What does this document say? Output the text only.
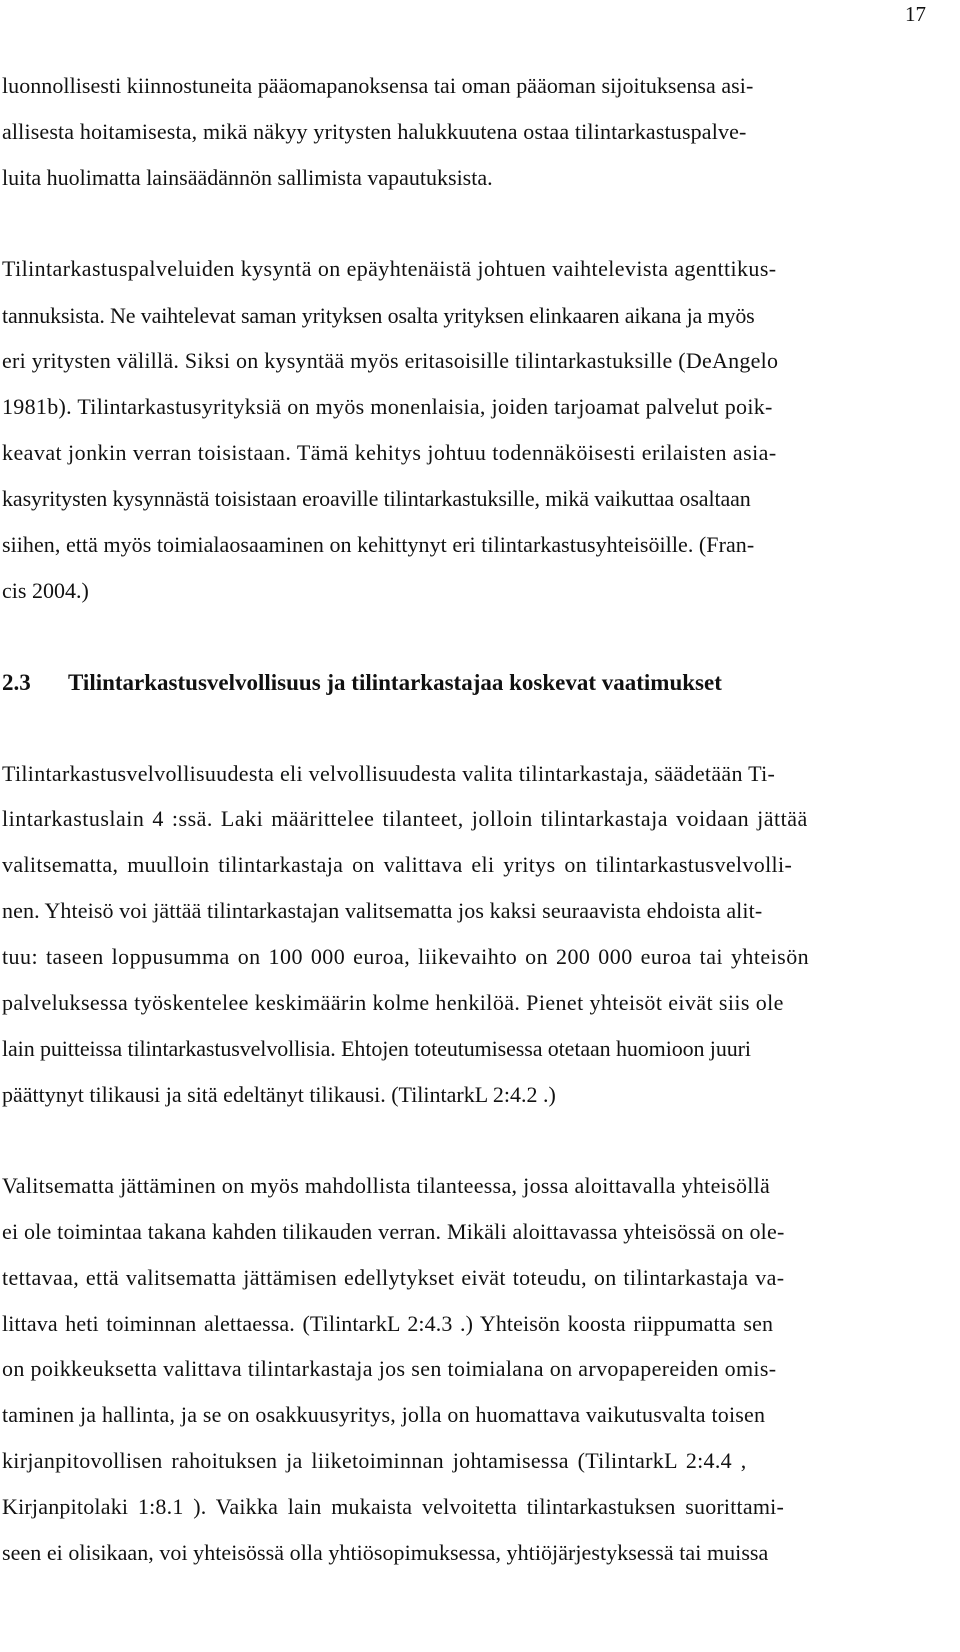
17
luonnollisesti kiinnostuneita pääomapanoksensa tai oman pääoman sijoituksensa asi-
allisesta hoitamisesta, mikä näkyy yritysten halukkuutena ostaa tilintarkastuspalve-
luita huolimatta lainsäädännön sallimista vapautuksista.
Tilintarkastuspalveluiden kysyntä on epäyhtenäistä johtuen vaihtelevista agenttikus-
tannuksista. Ne vaihtelevat saman yrityksen osalta yrityksen elinkaaren aikana ja myös
eri yritysten välillä. Siksi on kysyntää myös eritasoisille tilintarkastuksille (DeAngelo
1981b). Tilintarkastusyrityksiä on myös monenlaisia, joiden tarjoamat palvelut poik-
keavat jonkin verran toisistaan. Tämä kehitys johtuu todennäköisesti erilaisten asia-
kasyritysten kysynnästä toisistaan eroaville tilintarkastuksille, mikä vaikuttaa osaltaan
siihen, että myös toimialaosaaminen on kehittynyt eri tilintarkastusyhteisöille. (Fran-
cis 2004.)
2.3 Tilintarkastusvelvollisuus ja tilintarkastajaa koskevat vaatimukset
Tilintarkastusvelvollisuudesta eli velvollisuudesta valita tilintarkastaja, säädetään Ti-
lintarkastuslain 4 :ssä. Laki määrittelee tilanteet, jolloin tilintarkastaja voidaan jättää
valitsematta, muulloin tilintarkastaja on valittava eli yritys on tilintarkastusvelvolli-
nen. Yhteisö voi jättää tilintarkastajan valitsematta jos kaksi seuraavista ehdoista alit-
tuu: taseen loppusumma on 100 000 euroa, liikevaihto on 200 000 euroa tai yhteisön
palveluksessa työskentelee keskimäärin kolme henkilöä. Pienet yhteisöt eivät siis ole
lain puitteissa tilintarkastusvelvollisia. Ehtojen toteutumisessa otetaan huomioon juuri
päättynyt tilikausi ja sitä edeltänyt tilikausi. (TilintarkL 2:4.2 .)
Valitsematta jättäminen on myös mahdollista tilanteessa, jossa aloittavalla yhteisöllä
ei ole toimintaa takana kahden tilikauden verran. Mikäli aloittavassa yhteisössä on ole-
tettavaa, että valitsematta jättämisen edellytykset eivät toteudu, on tilintarkastaja va-
littava heti toiminnan alettaessa. (TilintarkL 2:4.3 .) Yhteisön koosta riippumatta sen
on poikkeuksetta valittava tilintarkastaja jos sen toimialana on arvopapereiden omis-
taminen ja hallinta, ja se on osakkuusyritys, jolla on huomattava vaikutusvalta toisen
kirjanpitovollisen rahoituksen ja liiketoiminnan johtamisessa (TilintarkL 2:4.4 ,
Kirjanpitolaki 1:8.1 ). Vaikka lain mukaista velvoitetta tilintarkastuksen suorittami-
seen ei olisikaan, voi yhteisössä olla yhtiösopimuksessa, yhtiöjärjestyksessä tai muissa
